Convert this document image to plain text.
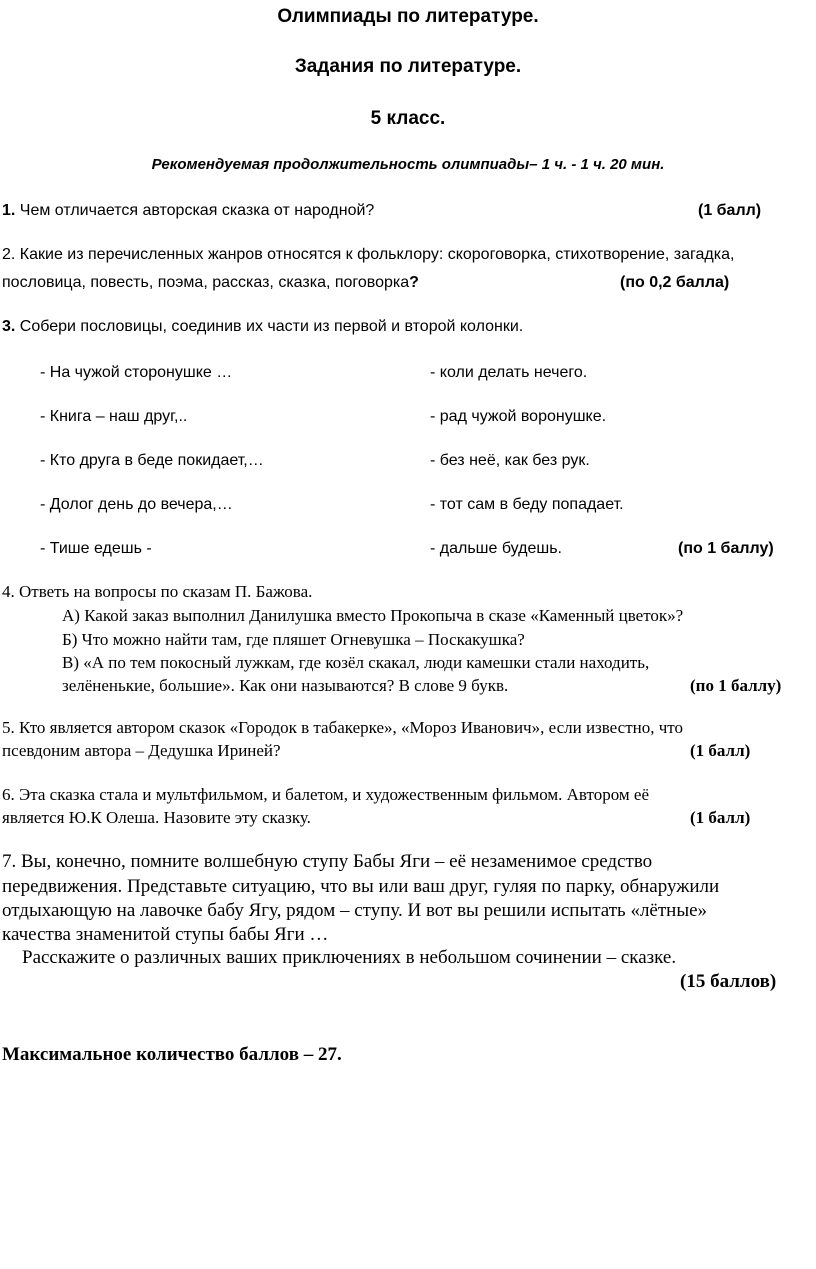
Олимпиады по литературе.
Задания по литературе.
5 класс.
Рекомендуемая продолжительность олимпиады– 1 ч. - 1 ч. 20 мин.
1. Чем отличается авторская сказка от народной?	(1 балл)
2. Какие из перечисленных жанров относятся к фольклору: скороговорка, стихотворение, загадка,
пословица, повесть, поэма, рассказ, сказка, поговорка?	(по 0,2 балла)
3. Собери пословицы, соединив их части из первой и второй колонки.
- На чужой сторонушке …	- коли делать нечего.
- Книга – наш друг,..	- рад чужой воронушке.
- Кто друга в беде покидает,…	- без неё, как без рук.
- Долог день до вечера,…	- тот сам в беду попадает.
- Тише едешь -	- дальше будешь.	(по 1 баллу)
4. Ответь на вопросы по сказам П. Бажова.
А) Какой заказ выполнил Данилушка вместо Прокопыча в сказе «Каменный цветок»?
Б) Что можно найти там, где пляшет Огневушка – Поскакушка?
В) «А по тем покосный лужкам, где козёл скакал, люди камешки стали находить,
зелёненькие, большие». Как они называются? В слове 9 букв.	(по 1 баллу)
5. Кто является автором сказок «Городок в табакерке», «Мороз Иванович», если известно, что
псевдоним автора – Дедушка Ириней?	(1 балл)
6. Эта сказка стала и мультфильмом, и балетом, и художественным фильмом. Автором её
является Ю.К Олеша. Назовите эту сказку.	(1 балл)
7. Вы, конечно, помните волшебную ступу Бабы Яги – её незаменимое средство
передвижения. Представьте ситуацию, что вы или ваш друг, гуляя по парку, обнаружили
отдыхающую на лавочке бабу Ягу, рядом – ступу. И вот вы решили испытать «лётные»
качества знаменитой ступы бабы Яги …
Расскажите о различных ваших приключениях в небольшом сочинении – сказке.
(15 баллов)
Максимальное количество баллов – 27.
